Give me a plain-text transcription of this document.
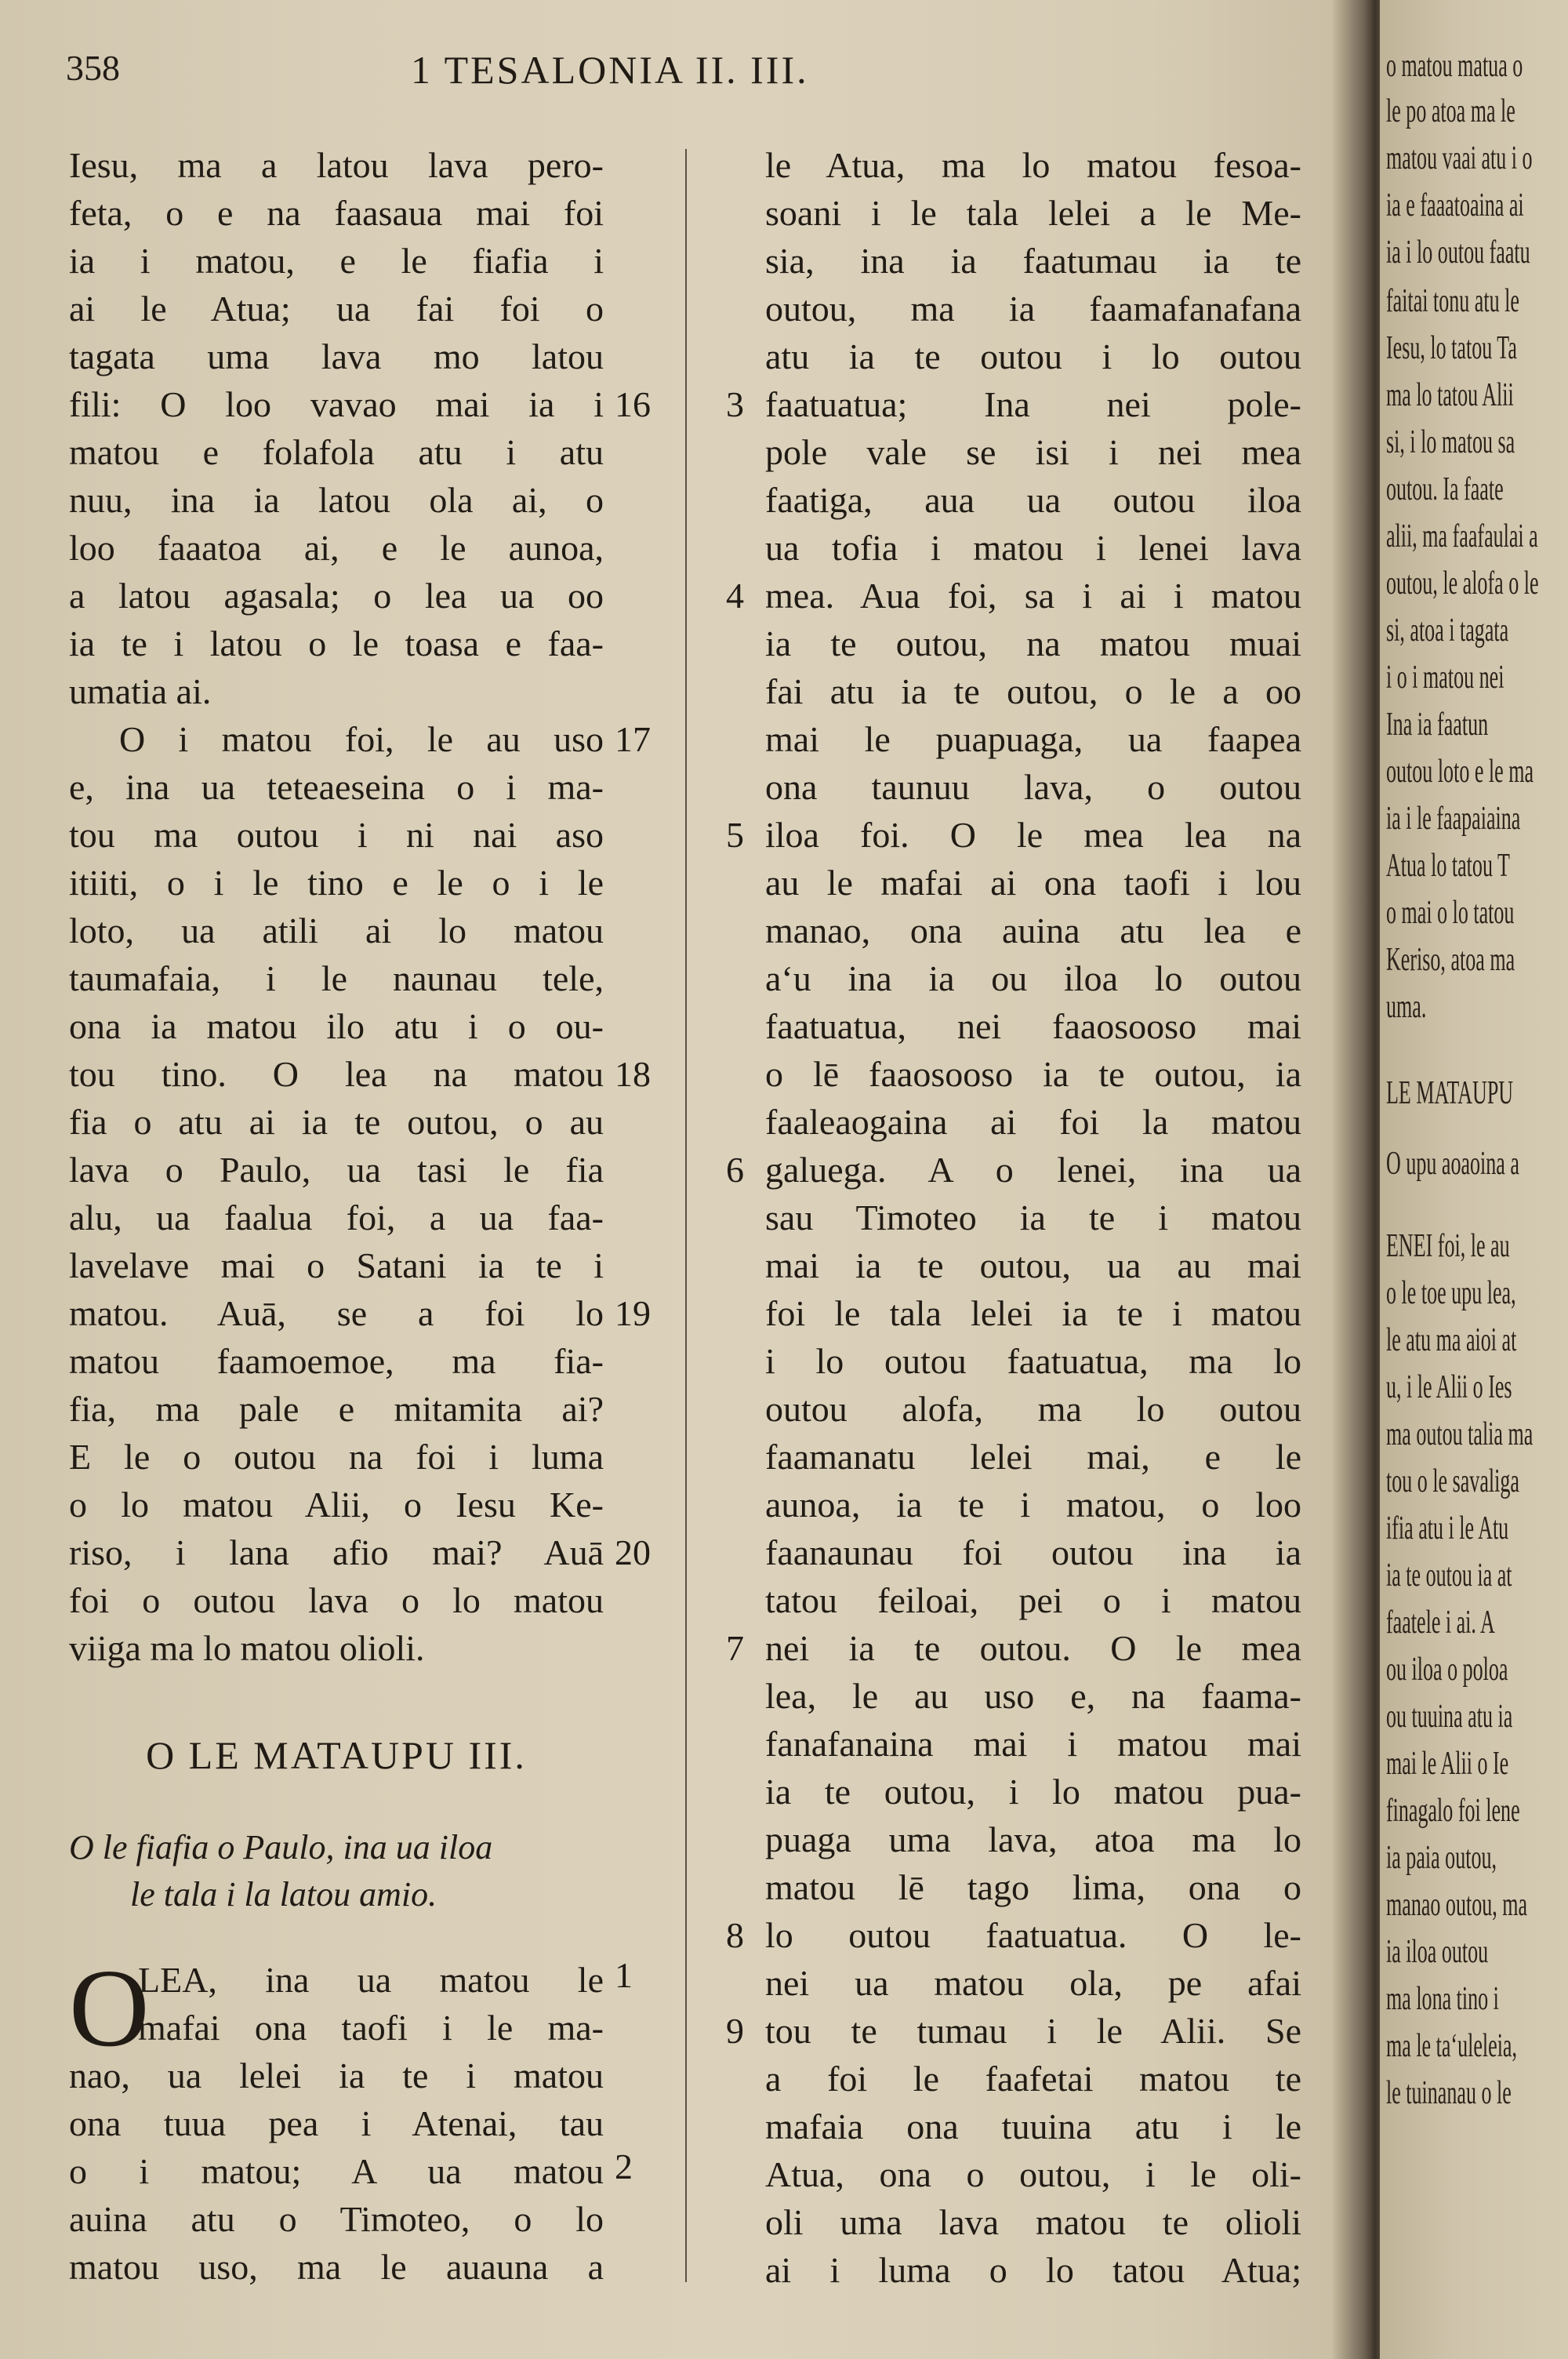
358	1 TESALONIA II. III.
Iesu, ma a latou lava pero-
feta, o e na faasaua mai foi
ia i matou, e le fiafia i
ai le Atua; ua fai foi o
tagata uma lava mo latou
fili: O loo vavao mai ia i
matou e folafola atu i atu
nuu, ina ia latou ola ai, o
loo faaatoa ai, e le aunoa,
a latou agasala; o lea ua oo
ia te i latou o le toasa e faa-
umatia ai.
O i matou foi, le au uso
e, ina ua teteaeseina o i ma-
tou ma outou i ni nai aso
itiiti, o i le tino e le o i le
loto, ua atili ai lo matou
taumafaia, i le naunau tele,
ona ia matou ilo atu i o ou-
tou tino. O lea na matou
fia o atu ai ia te outou, o au
lava o Paulo, ua tasi le fia
alu, ua faalua foi, a ua faa-
lavelave mai o Satani ia te i
matou. Auā, se a foi lo
matou faamoemoe, ma fia-
fia, ma pale e mitamita ai?
E le o outou na foi i luma
o lo matou Alii, o Iesu Ke-
riso, i lana afio mai? Auā
foi o outou lava o lo matou
viiga ma lo matou olioli.
O LE MATAUPU III.
O le fiafia o Paulo, ina ua iloa
le tala i la latou amio.
O
LEA, ina ua matou le
mafai ona taofi i le ma-
nao, ua lelei ia te i matou
ona tuua pea i Atenai, tau
o i matou; A ua matou
auina atu o Timoteo, o lo
matou uso, ma le auauna a
16
17
18
19
20
1
2
le Atua, ma lo matou fesoa-
soani i le tala lelei a le Me-
sia, ina ia faatumau ia te
outou, ma ia faamafanafana
atu ia te outou i lo outou
faatuatua; Ina nei pole-
pole vale se isi i nei mea
faatiga, aua ua outou iloa
ua tofia i matou i lenei lava
mea. Aua foi, sa i ai i matou
ia te outou, na matou muai
fai atu ia te outou, o le a oo
mai le puapuaga, ua faapea
ona taunuu lava, o outou
iloa foi. O le mea lea na
au le mafai ai ona taofi i lou
manao, ona auina atu lea e
a‘u ina ia ou iloa lo outou
faatuatua, nei faaosooso mai
o lē faaosooso ia te outou, ia
faaleaogaina ai foi la matou
galuega. A o lenei, ina ua
sau Timoteo ia te i matou
mai ia te outou, ua au mai
foi le tala lelei ia te i matou
i lo outou faatuatua, ma lo
outou alofa, ma lo outou
faamanatu lelei mai, e le
aunoa, ia te i matou, o loo
faanaunau foi outou ina ia
tatou feiloai, pei o i matou
nei ia te outou. O le mea
lea, le au uso e, na faama-
fanafanaina mai i matou mai
ia te outou, i lo matou pua-
puaga uma lava, atoa ma lo
matou lē tago lima, ona o
lo outou faatuatua. O le-
nei ua matou ola, pe afai
tou te tumau i le Alii. Se
a foi le faafetai matou te
mafaia ona tuuina atu i le
Atua, ona o outou, i le oli-
oli uma lava matou te olioli
ai i luma o lo tatou Atua;
3
4
5
6
7
8
9
o matou matua o
le po atoa ma le
matou vaai atu i o
ia e faaatoaina ai
ia i lo outou faatu
faitai tonu atu le
Iesu, lo tatou Ta
ma lo tatou Alii
si, i lo matou sa
outou. Ia faate
alii, ma faafaulai a
outou, le alofa o le
si, atoa i tagata
i o i matou nei
Ina ia faatun
outou loto e le ma
ia i le faapaiaina
Atua lo tatou T
o mai o lo tatou
Keriso, atoa ma
uma.
LE MATAUPU
O upu aoaoina a
ENEI foi, le au
o le toe upu lea,
le atu ma aioi at
u, i le Alii o Ies
ma outou talia ma
tou o le savaliga
ifia atu i le Atu
ia te outou ia at
faatele i ai. A
ou iloa o poloa
ou tuuina atu ia
mai le Alii o Ie
finagalo foi lene
ia paia outou,
manao outou, ma
ia iloa outou
ma lona tino i
ma le ta‘uleleia,
le tuinanau o le
